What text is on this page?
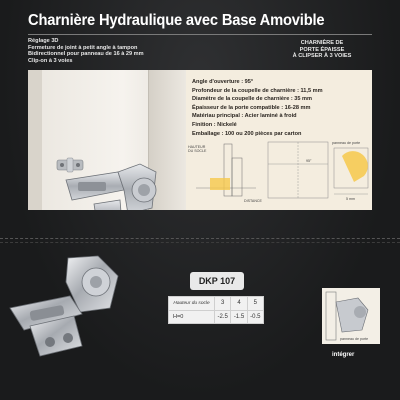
Charnière Hydraulique avec Base Amovible
Réglage 3D
Fermeture de joint à petit angle à tampon
Bidirectionnel pour panneau de 16 à 29 mm
Clip-on à 3 voies
CHARNIÈRE DE
PORTE ÉPAISSE
À CLIPSER À 3 VOIES
Angle d'ouverture : 95°
Profondeur de la coupelle de charnière : 11,5 mm
Diamètre de la coupelle de charnière : 35 mm
Épaisseur de la porte compatible : 16-28 mm
Matériau principal : Acier laminé à froid
Finition : Nickelé
Emballage : 100 ou 200 pièces par carton
HAUTEUR
DU SOCLE
DISTANCE
95°
panneau de porte
5 mm
DKP 107
Hauteur du socle	3	4	5
H=0	-2.5	-1.5	-0.5
panneau de porte
intégrer
